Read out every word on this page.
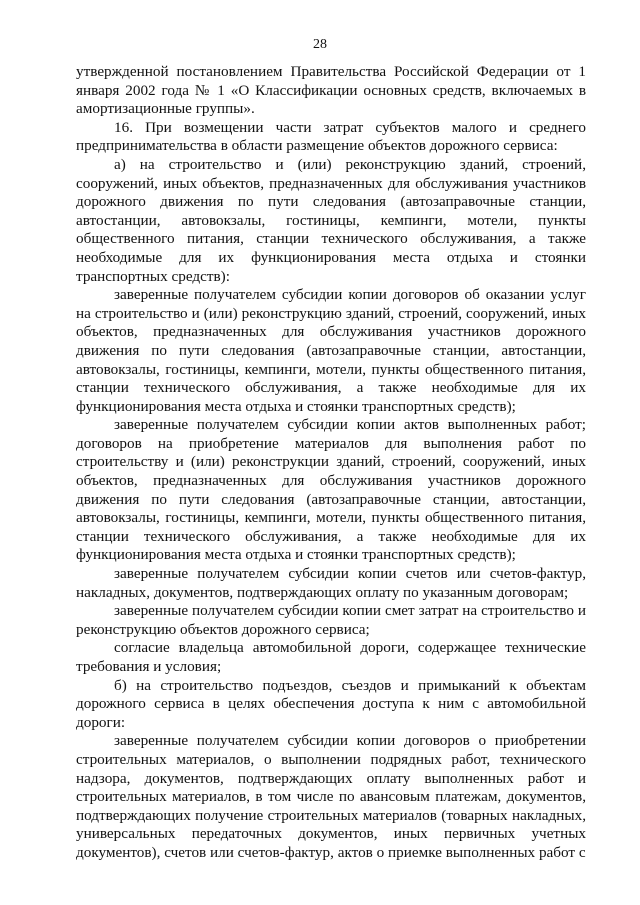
28

утвержденной постановлением Правительства Российской Федерации от 1 января 2002 года № 1 «О Классификации основных средств, включаемых в амортизационные группы».

16. При возмещении части затрат субъектов малого и среднего предпринимательства в области размещение объектов дорожного сервиса:

а) на строительство и (или) реконструкцию зданий, строений, сооружений, иных объектов, предназначенных для обслуживания участников дорожного движения по пути следования (автозаправочные станции, автостанции, автовокзалы, гостиницы, кемпинги, мотели, пункты общественного питания, станции технического обслуживания, а также необходимые для их функционирования места отдыха и стоянки транспортных средств):

заверенные получателем субсидии копии договоров об оказании услуг на строительство и (или) реконструкцию зданий, строений, сооружений, иных объектов, предназначенных для обслуживания участников дорожного движения по пути следования (автозаправочные станции, автостанции, автовокзалы, гостиницы, кемпинги, мотели, пункты общественного питания, станции технического обслуживания, а также необходимые для их функционирования места отдыха и стоянки транспортных средств);

заверенные получателем субсидии копии актов выполненных работ; договоров на приобретение материалов для выполнения работ по строительству и (или) реконструкции зданий, строений, сооружений, иных объектов, предназначенных для обслуживания участников дорожного движения по пути следования (автозаправочные станции, автостанции, автовокзалы, гостиницы, кемпинги, мотели, пункты общественного питания, станции технического обслуживания, а также необходимые для их функционирования места отдыха и стоянки транспортных средств);

заверенные получателем субсидии копии счетов или счетов-фактур, накладных, документов, подтверждающих оплату по указанным договорам;

заверенные получателем субсидии копии смет затрат на строительство и реконструкцию объектов дорожного сервиса;

согласие владельца автомобильной дороги, содержащее технические требования и условия;

б) на строительство подъездов, съездов и примыканий к объектам дорожного сервиса в целях обеспечения доступа к ним с автомобильной дороги:

заверенные получателем субсидии копии договоров о приобретении строительных материалов, о выполнении подрядных работ, технического надзора, документов, подтверждающих оплату выполненных работ и строительных материалов, в том числе по авансовым платежам, документов, подтверждающих получение строительных материалов (товарных накладных, универсальных передаточных документов, иных первичных учетных документов), счетов или счетов-фактур, актов о приемке выполненных работ с
